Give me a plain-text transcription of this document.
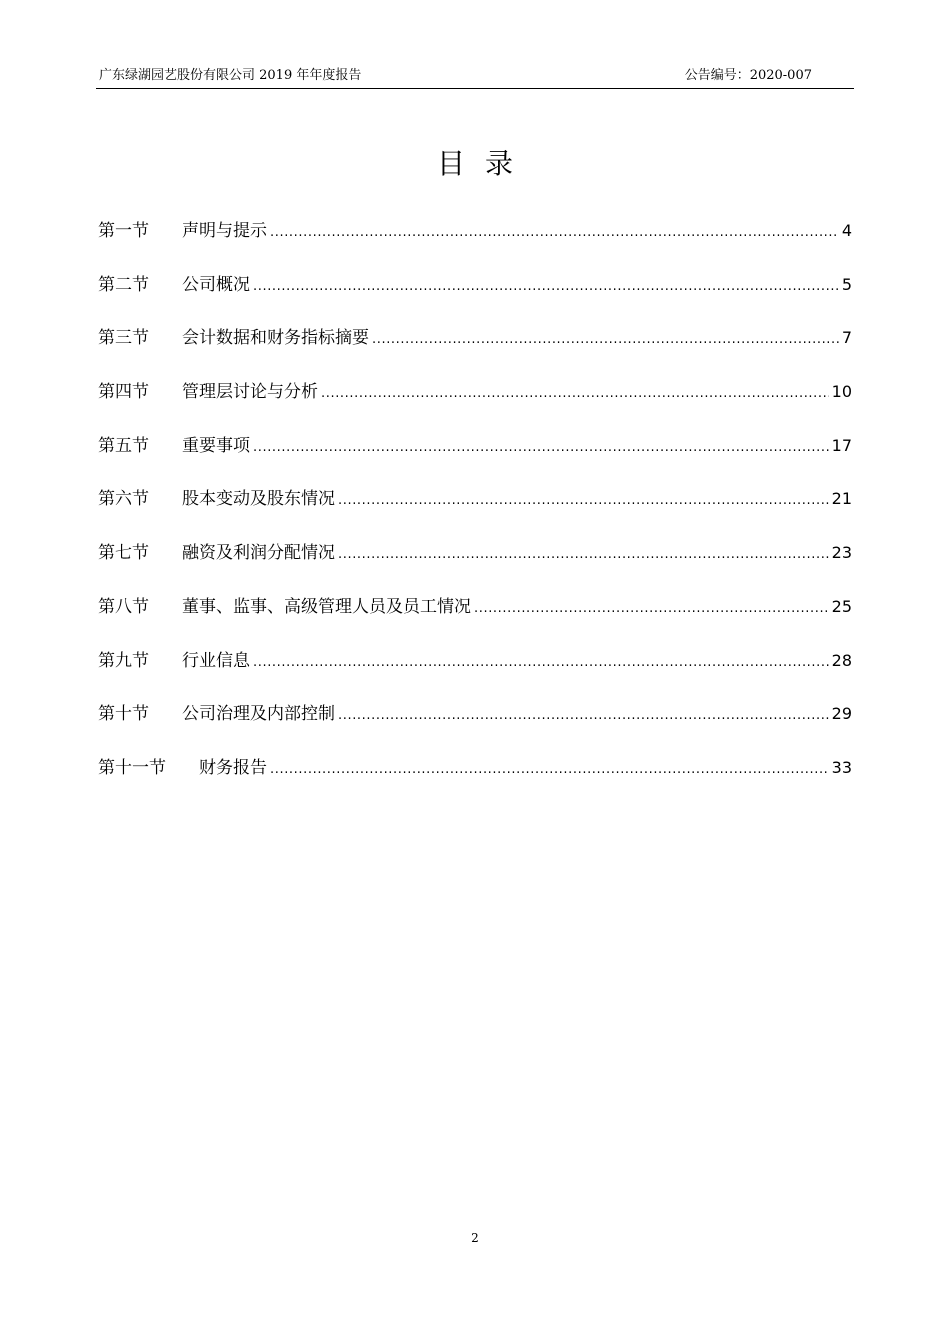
广东绿湖园艺股份有限公司 2019 年年度报告	公告编号：2020-007
目录
第一节	声明与提示 .....	4
第二节	公司概况 .....	5
第三节	会计数据和财务指标摘要 .....	7
第四节	管理层讨论与分析 .....	10
第五节	重要事项 .....	17
第六节	股本变动及股东情况 .....	21
第七节	融资及利润分配情况 .....	23
第八节	董事、监事、高级管理人员及员工情况 .....	25
第九节	行业信息 .....	28
第十节	公司治理及内部控制 .....	29
第十一节	财务报告 .....	33
2
